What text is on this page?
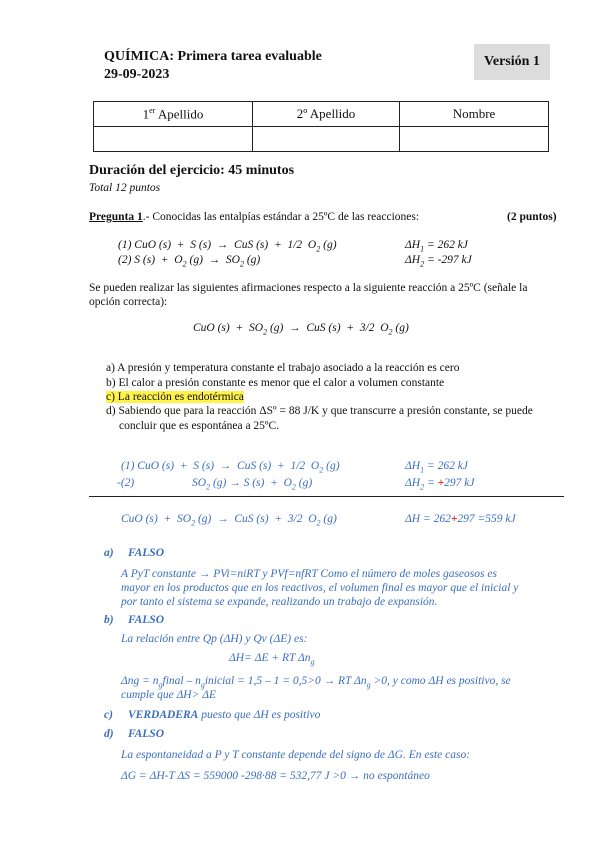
QUÍMICA: Primera tarea evaluable
29-09-2023
Versión 1
1er Apellido	2º Apellido	Nombre

Duración del ejercicio: 45 minutos
Total 12 puntos
Pregunta 1.- Conocidas las entalpías estándar a 25ºC de las reacciones:	(2 puntos)
(1) CuO (s)  +  S (s)  →  CuS (s)  +  1/2  $O_2$ (g)	$\Delta H_1 = 262$ kJ
(2) S $(s) + O_2$ $(g) \to SO_2$ (g)	$\Delta H_2 = -297$ kJ
Se pueden realizar las siguientes afirmaciones respecto a la siguiente reacción a 25ºC (señale la
opción correcta):
CuO $(s) + SO_2$ (g)  →  CuS (s)  +  3/2  $O_2$ (g)
a) A presión y temperatura constante el trabajo asociado a la reacción es cero
b) El calor a presión constante es menor que el calor a volumen constante
c) La reacción es endotérmica
d) Sabiendo que para la reacción ΔSº = 88 J/K y que transcurre a presión constante, se puede
concluir que es espontánea a 25ºC.
(1) CuO (s)  +  S (s)  →  CuS (s)  +  1/2  $O_2$ (g)	$\Delta H_1 = 262$ kJ
-(2)	$SO_2$ (g) → S $(s) + O_2$ (g)	$\Delta H_2 = +297$ kJ
CuO $(s) + SO_2$ (g)  →  CuS (s)  +  3/2  $O_2$ (g)	ΔH = 262+297 =559 kJ
a) FALSO
A PyT constante → PVi=niRT y PVf=nfRT Como el número de moles gaseosos es
mayor en los productos que en los reactivos, el volumen final es mayor que el inicial y
por tanto el sistema se expande, realizando un trabajo de expansión.
b) FALSO
La relación entre Qp (ΔH) y Qv (ΔE) es:
ΔH= ΔE + RT $\Delta n_g$
$\Delta ng = n_gfinal$ – $n_ginicial = 1,5 - 1 = 0,5>0$ → RT $\Delta n_g >0$, y como ΔH es positivo, se
cumple que ΔH> ΔE
c) VERDADERA puesto que ΔH es positivo
d) FALSO
La espontaneidad a P y T constante depende del signo de ΔG. En este caso:
ΔG = ΔH-T ΔS = 559000 -298·88 = 532,77 J >0 → no espontáneo
